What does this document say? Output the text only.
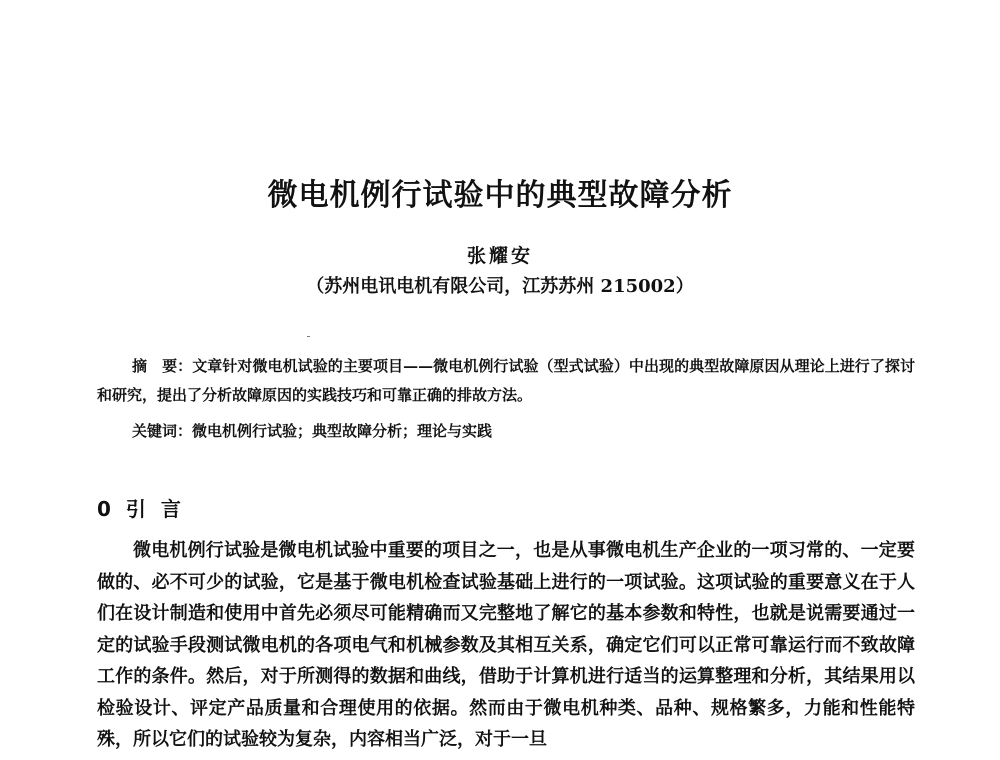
微电机例行试验中的典型故障分析
张耀安
（苏州电讯电机有限公司，江苏苏州 215002）
摘　要：文章针对微电机试验的主要项目——微电机例行试验（型式试验）中出现的典型故障原因从理论上进行了探讨和研究，提出了分析故障原因的实践技巧和可靠正确的排故方法。
关键词：微电机例行试验；典型故障分析；理论与实践
0 引 言
微电机例行试验是微电机试验中重要的项目之一，也是从事微电机生产企业的一项习常的、一定要做的、必不可少的试验，它是基于微电机检查试验基础上进行的一项试验。这项试验的重要意义在于人们在设计制造和使用中首先必须尽可能精确而又完整地了解它的基本参数和特性，也就是说需要通过一定的试验手段测试微电机的各项电气和机械参数及其相互关系，确定它们可以正常可靠运行而不致故障工作的条件。然后，对于所测得的数据和曲线，借助于计算机进行适当的运算整理和分析，其结果用以检验设计、评定产品质量和合理使用的依据。然而由于微电机种类、品种、规格繁多，力能和性能特殊，所以它们的试验较为复杂，内容相当广泛，对于一旦
